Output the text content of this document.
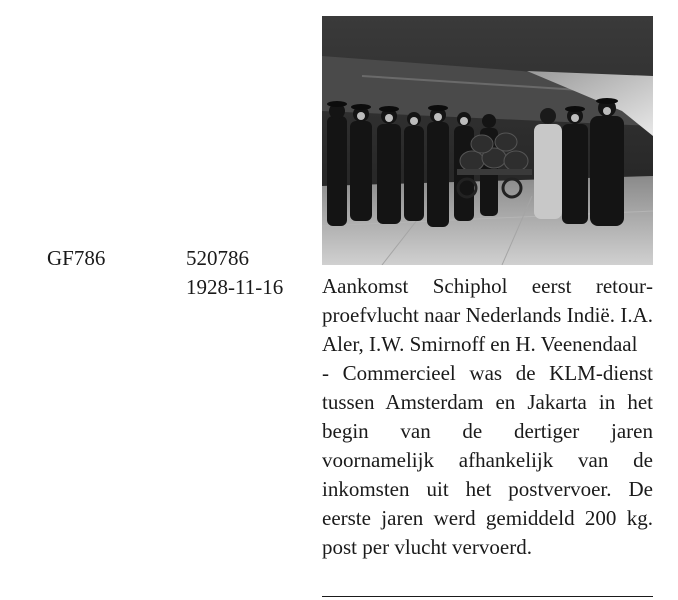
GF786	520786
1928-11-16 Aankomst Schiphol eerst retourproefvlucht naar Nederlands Indië. I.A. Aler, I.W. Smirnoff en H. Veenendaal

- Commercieel was de KLM-dienst tussen Amsterdam en Jakarta in het begin van de dertiger jaren voornamelijk afhankelijk van de inkomsten uit het postvervoer. De eerste jaren werd gemiddeld 200 kg. post per vlucht vervoerd.
